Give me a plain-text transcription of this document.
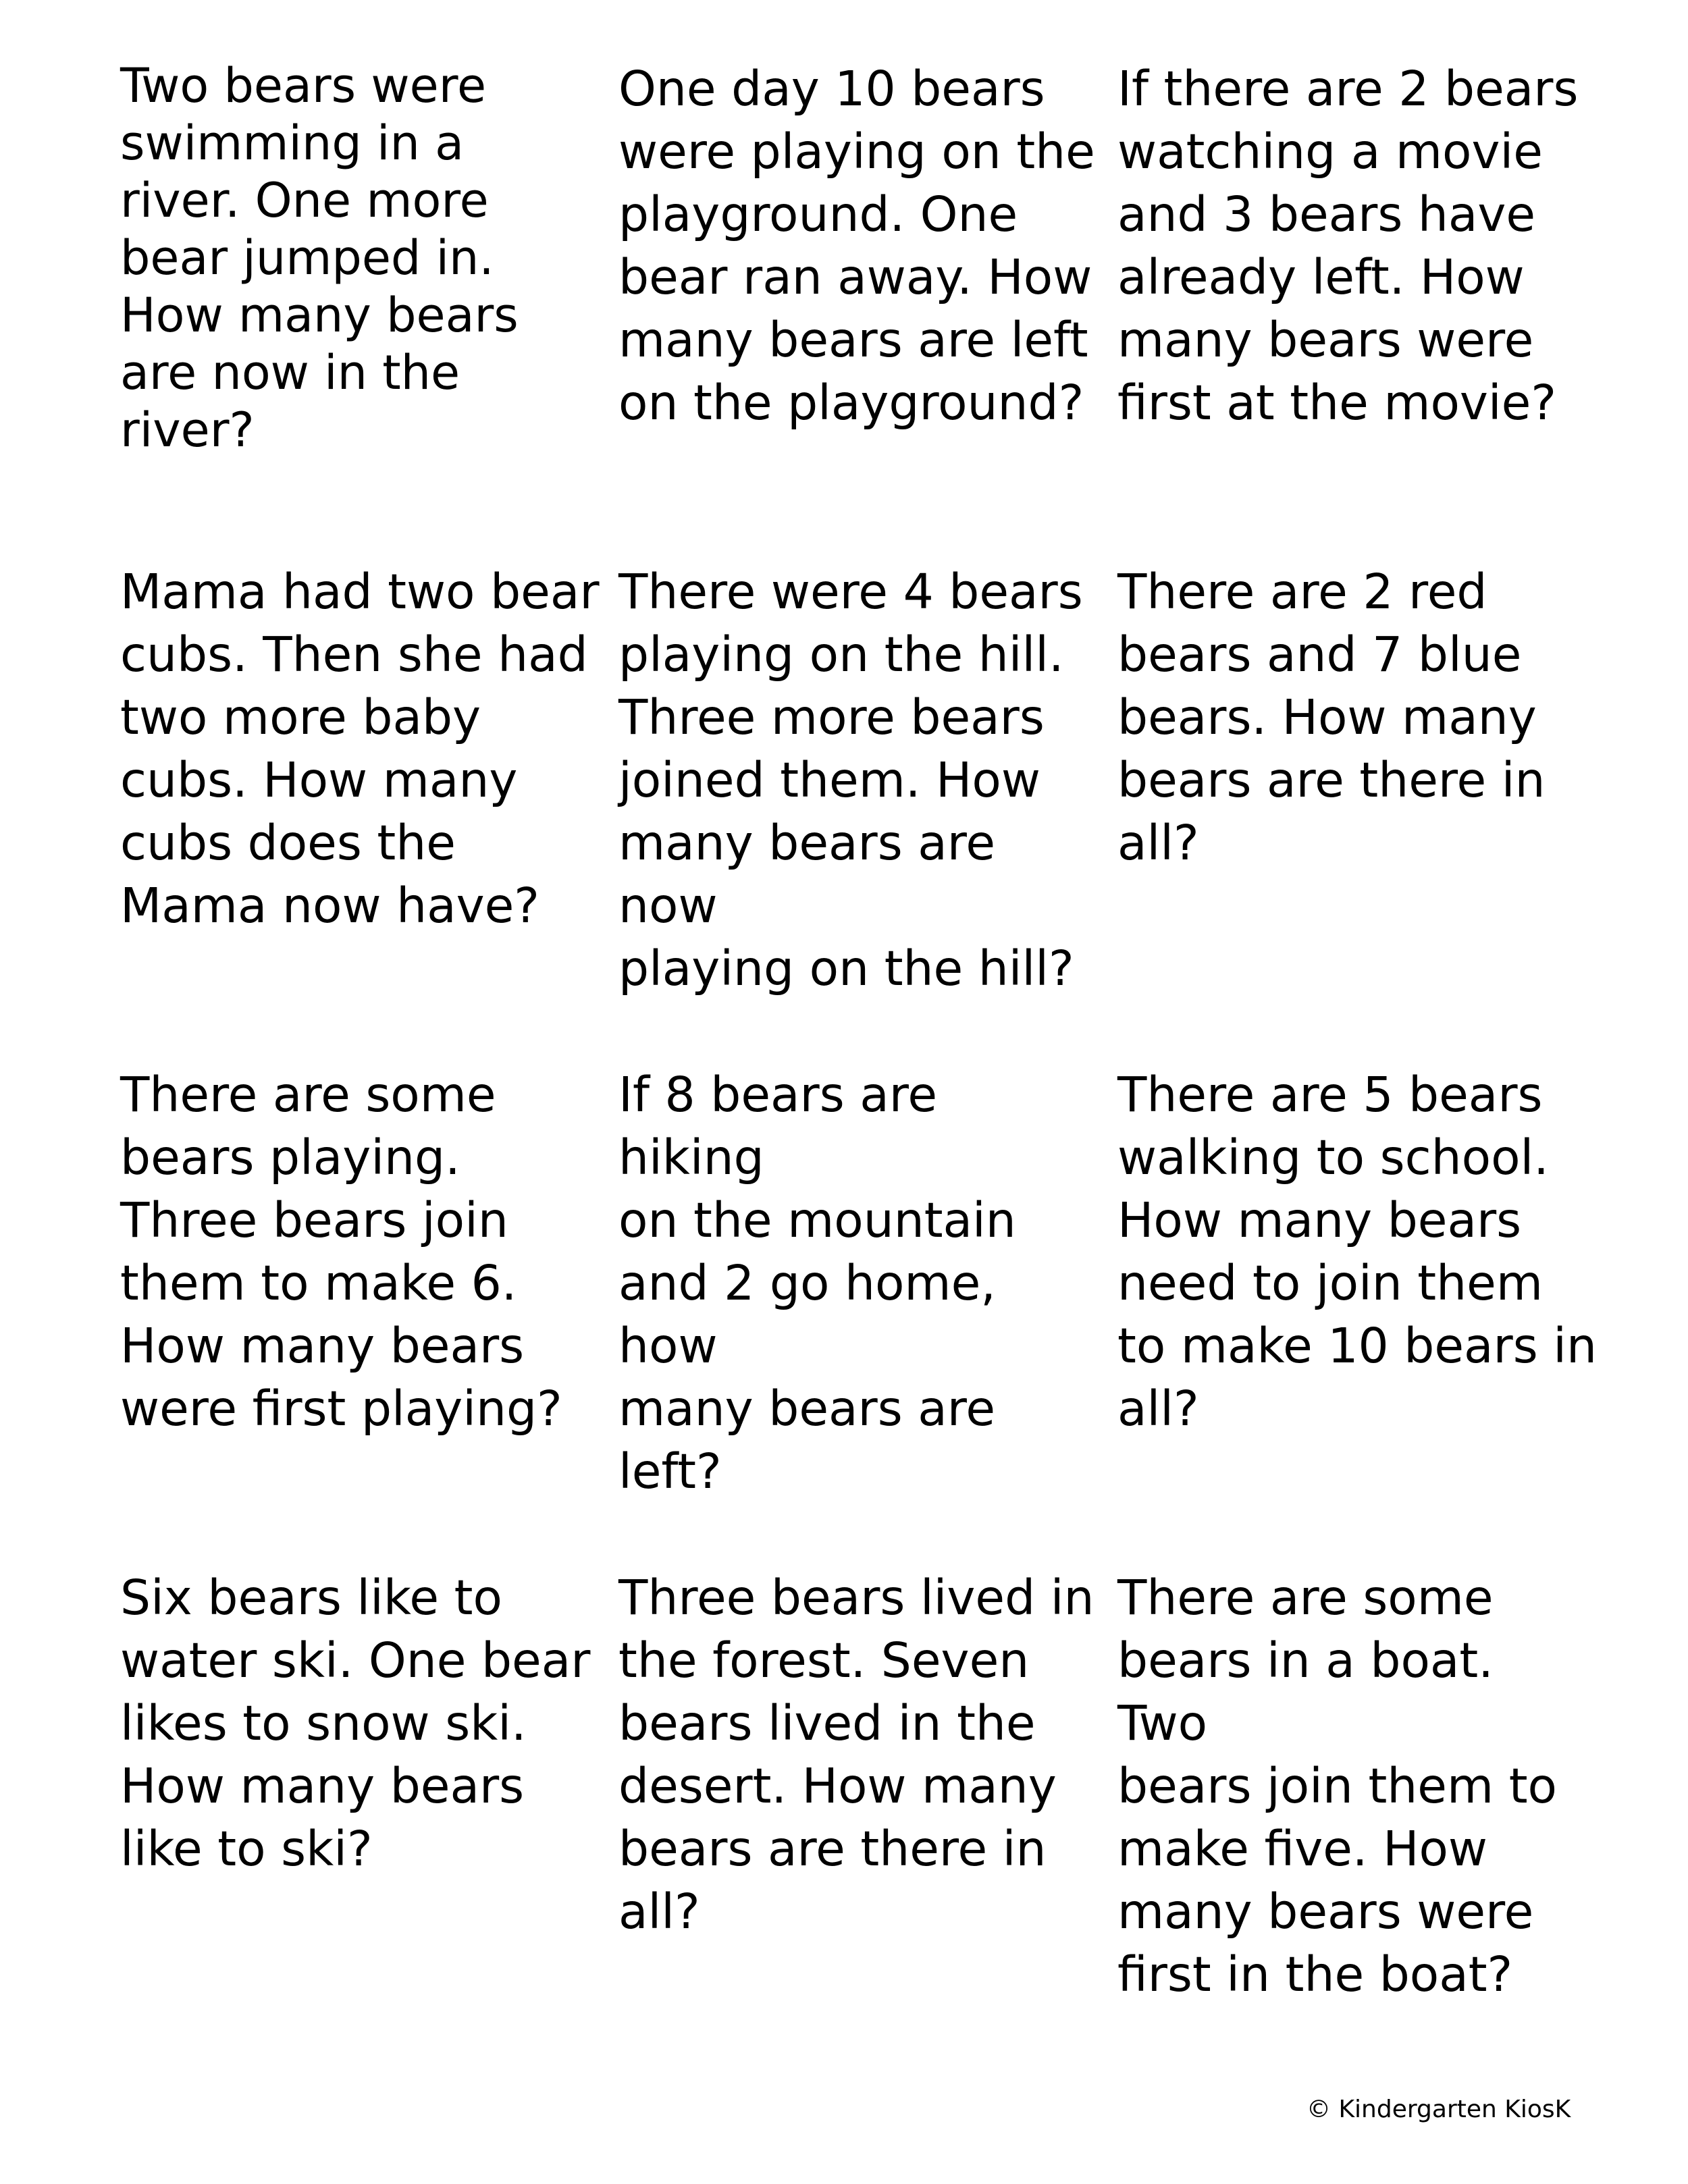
Two bears were
swimming in a
river. One more
bear jumped in.
How many bears
are now in the
river?

One day 10 bears
were playing on the
playground. One
bear ran away. How
many bears are left
on the playground?

If there are 2 bears
watching a movie
and 3 bears have
already left. How
many bears were
first at the movie?

Mama had two bear
cubs. Then she had
two more baby
cubs. How many
cubs does the
Mama now have?

There were 4 bears
playing on the hill.
Three more bears
joined them. How
many bears are now
playing on the hill?

There are 2 red
bears and 7 blue
bears. How many
bears are there in
all?

There are some
bears playing.
Three bears join
them to make 6.
How many bears
were first playing?

If 8 bears are hiking
on the mountain
and 2 go home, how
many bears are
left?

There are 5 bears
walking to school.
How many bears
need to join them
to make 10 bears in
all?

Six bears like to
water ski. One bear
likes to snow ski.
How many bears
like to ski?

Three bears lived in
the forest. Seven
bears lived in the
desert. How many
bears are there in
all?

There are some
bears in a boat. Two
bears join them to
make five. How
many bears were
first in the boat?

© Kindergarten KiosK
